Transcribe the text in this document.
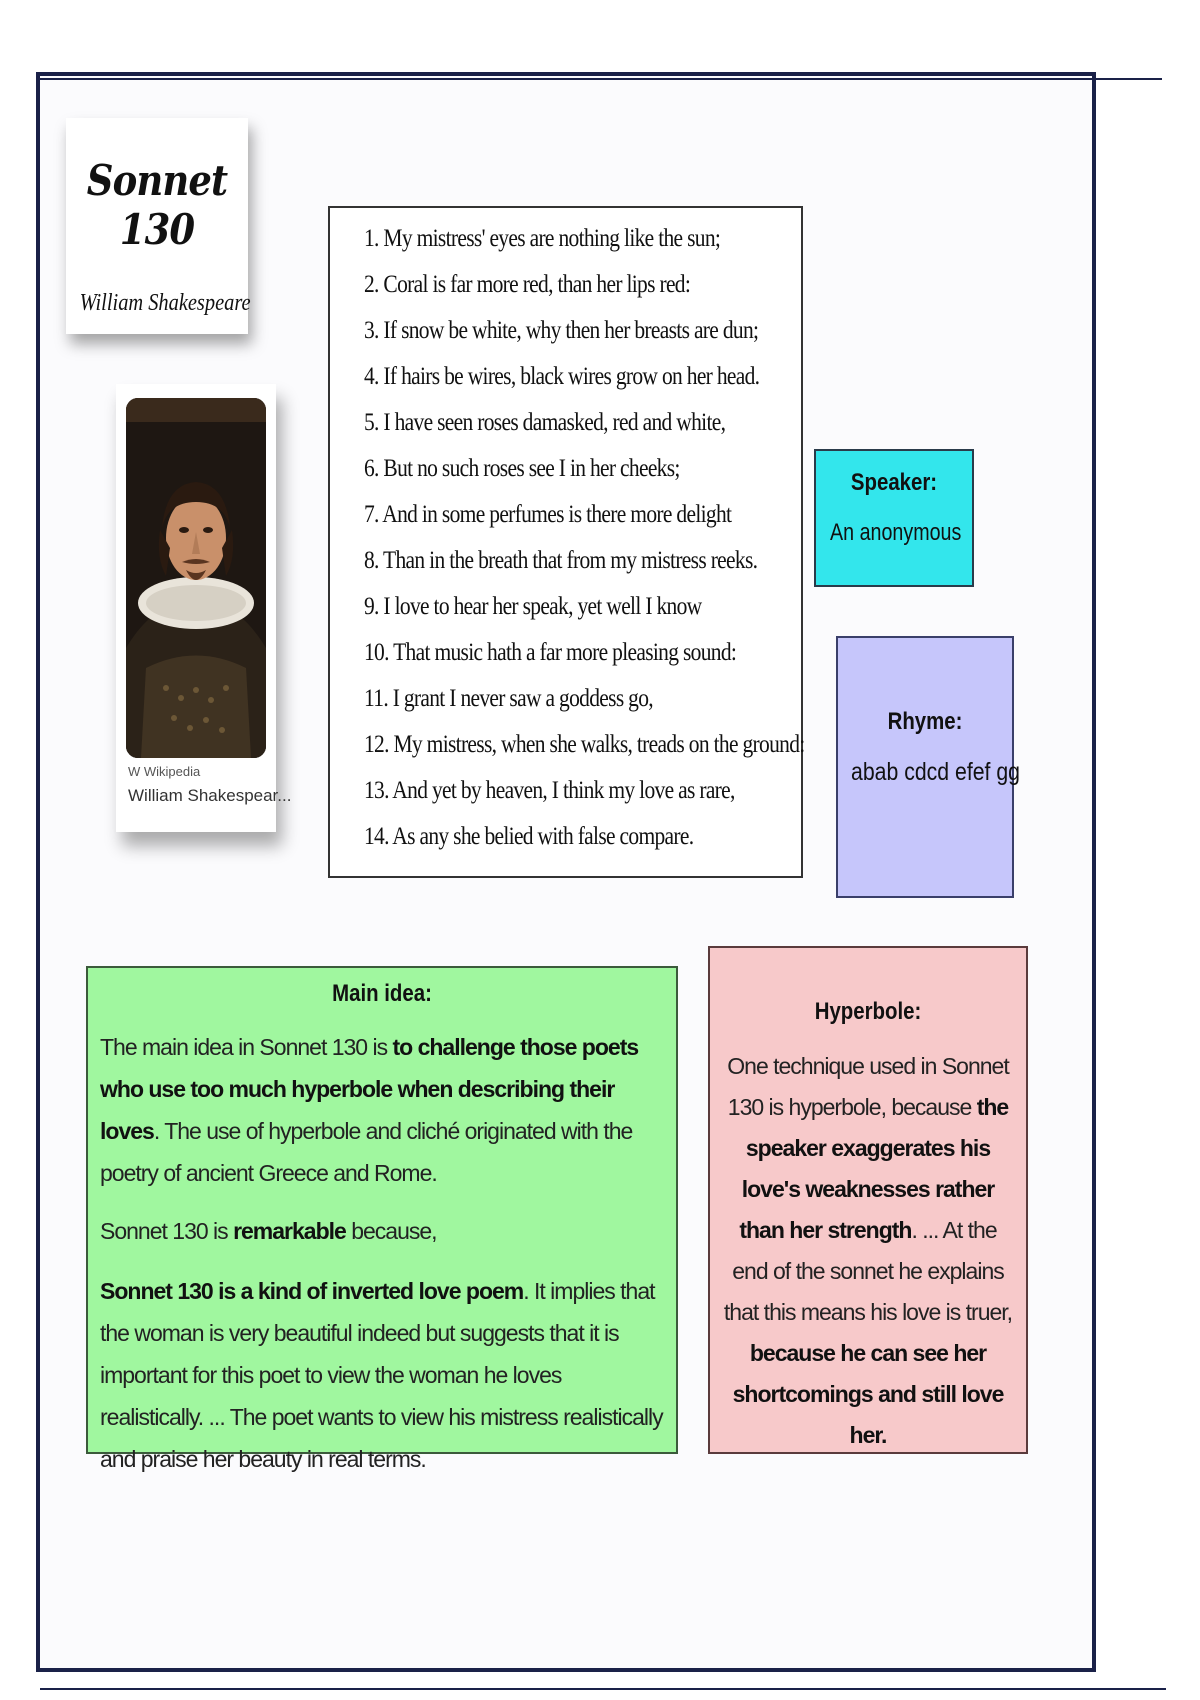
Sonnet 130
William Shakespeare
W Wikipedia
William Shakespear...
1. My mistress' eyes are nothing like the sun;
2. Coral is far more red, than her lips red:
3. If snow be white, why then her breasts are dun;
4. If hairs be wires, black wires grow on her head.
5. I have seen roses damasked, red and white,
6. But no such roses see I in her cheeks;
7. And in some perfumes is there more delight
8. Than in the breath that from my mistress reeks.
9. I love to hear her speak, yet well I know
10. That music hath a far more pleasing sound:
11. I grant I never saw a goddess go,
12. My mistress, when she walks, treads on the ground:
13. And yet by heaven, I think my love as rare,
14. As any she belied with false compare.
Speaker:
An anonymous
Rhyme:
abab cdcd efef gg
Main idea:

The main idea in Sonnet 130 is to challenge those poets who use too much hyperbole when describing their loves. The use of hyperbole and cliché originated with the poetry of ancient Greece and Rome.

Sonnet 130 is remarkable because,

Sonnet 130 is a kind of inverted love poem. It implies that the woman is very beautiful indeed but suggests that it is important for this poet to view the woman he loves realistically. ... The poet wants to view his mistress realistically and praise her beauty in real terms.

Hyperbole:
One technique used in Sonnet 130 is hyperbole, because the speaker exaggerates his love's weaknesses rather than her strength. ... At the end of the sonnet he explains that this means his love is truer, because he can see her shortcomings and still love her.
